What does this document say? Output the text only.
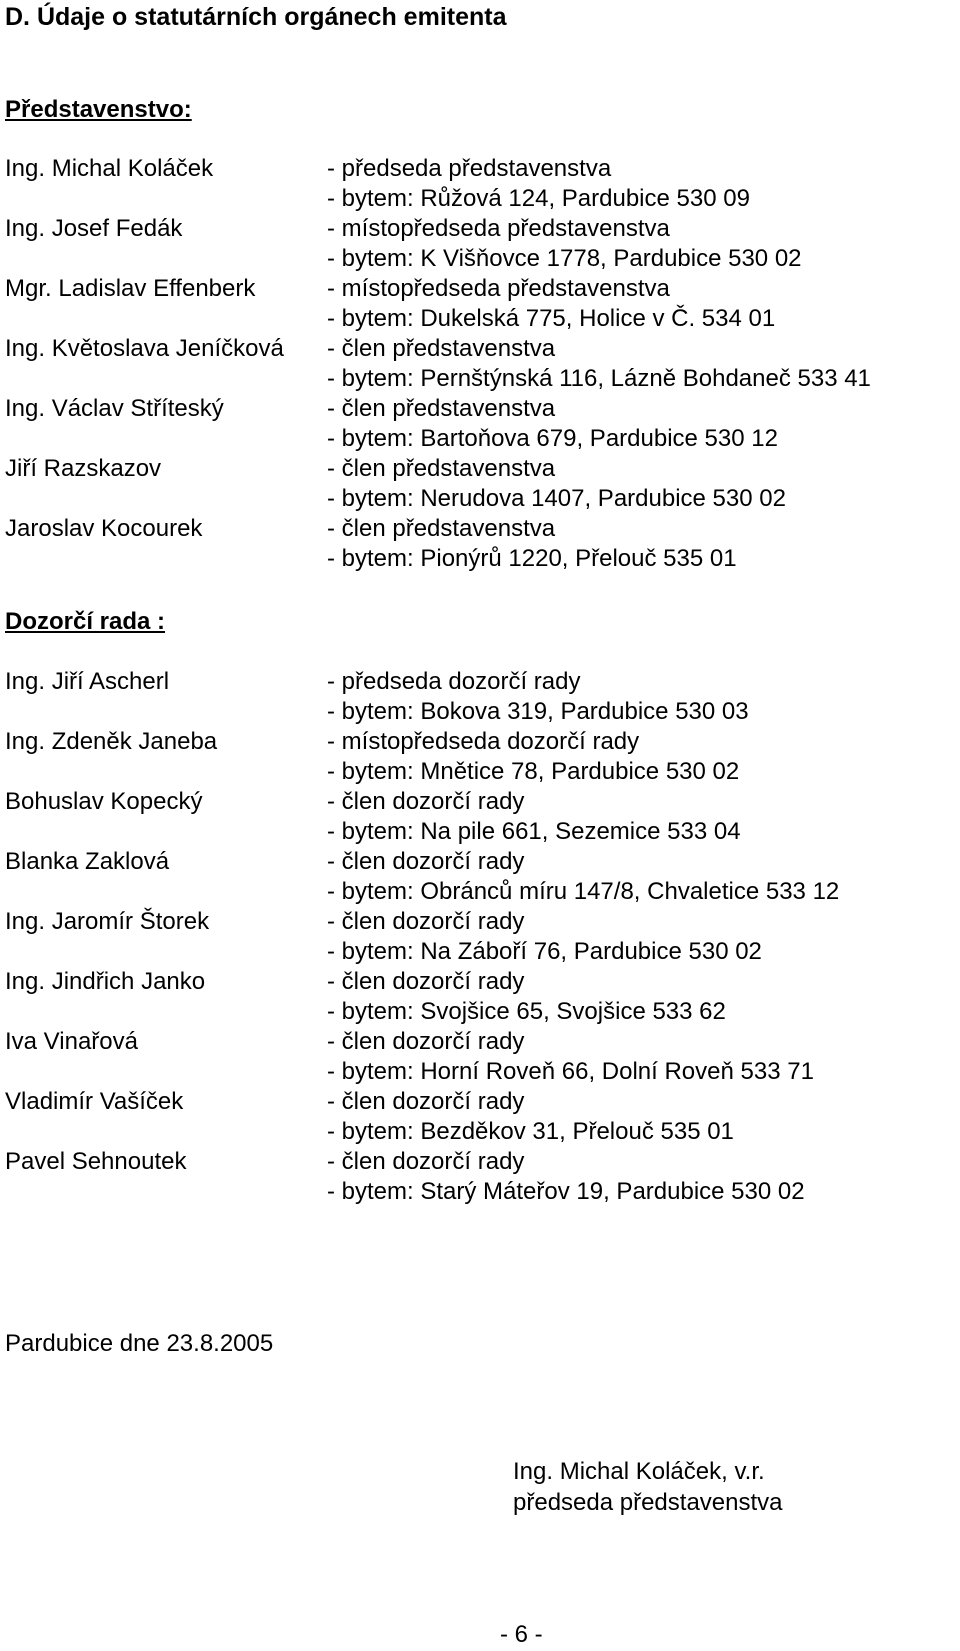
D. Údaje o statutárních orgánech emitenta
Představenstvo:
Ing. Michal Koláček	- předseda představenstva
- bytem: Růžová 124, Pardubice 530 09
Ing. Josef Fedák	- místopředseda představenstva
- bytem: K Višňovce 1778, Pardubice 530 02
Mgr. Ladislav Effenberk	- místopředseda představenstva
- bytem: Dukelská 775, Holice v Č. 534 01
Ing. Květoslava Jeníčková - člen představenstva
- bytem: Pernštýnská 116, Lázně Bohdaneč 533 41
Ing. Václav Stříteský	- člen představenstva
- bytem: Bartoňova 679, Pardubice 530 12
Jiří Razskazov	- člen představenstva
- bytem: Nerudova 1407, Pardubice 530 02
Jaroslav Kocourek	- člen představenstva
- bytem: Pionýrů 1220, Přelouč 535 01
Dozorčí rada :
Ing. Jiří Ascherl	- předseda dozorčí rady
- bytem: Bokova 319, Pardubice 530 03
Ing. Zdeněk Janeba	- místopředseda dozorčí rady
- bytem: Mnětice 78, Pardubice 530 02
Bohuslav Kopecký	- člen dozorčí rady
- bytem: Na pile 661, Sezemice 533 04
Blanka Zaklová	- člen dozorčí rady
- bytem: Obránců míru 147/8, Chvaletice 533 12
Ing. Jaromír Štorek	- člen dozorčí rady
- bytem: Na Záboří 76, Pardubice 530 02
Ing. Jindřich Janko	- člen dozorčí rady
- bytem: Svojšice 65, Svojšice 533 62
Iva Vinařová	- člen dozorčí rady
- bytem: Horní Roveň 66, Dolní Roveň 533 71
Vladimír Vašíček	- člen dozorčí rady
- bytem: Bezděkov 31, Přelouč 535 01
Pavel Sehnoutek	- člen dozorčí rady
- bytem: Starý Máteřov 19, Pardubice 530 02
Pardubice dne 23.8.2005
Ing. Michal Koláček, v.r.
předseda představenstva
- 6 -
